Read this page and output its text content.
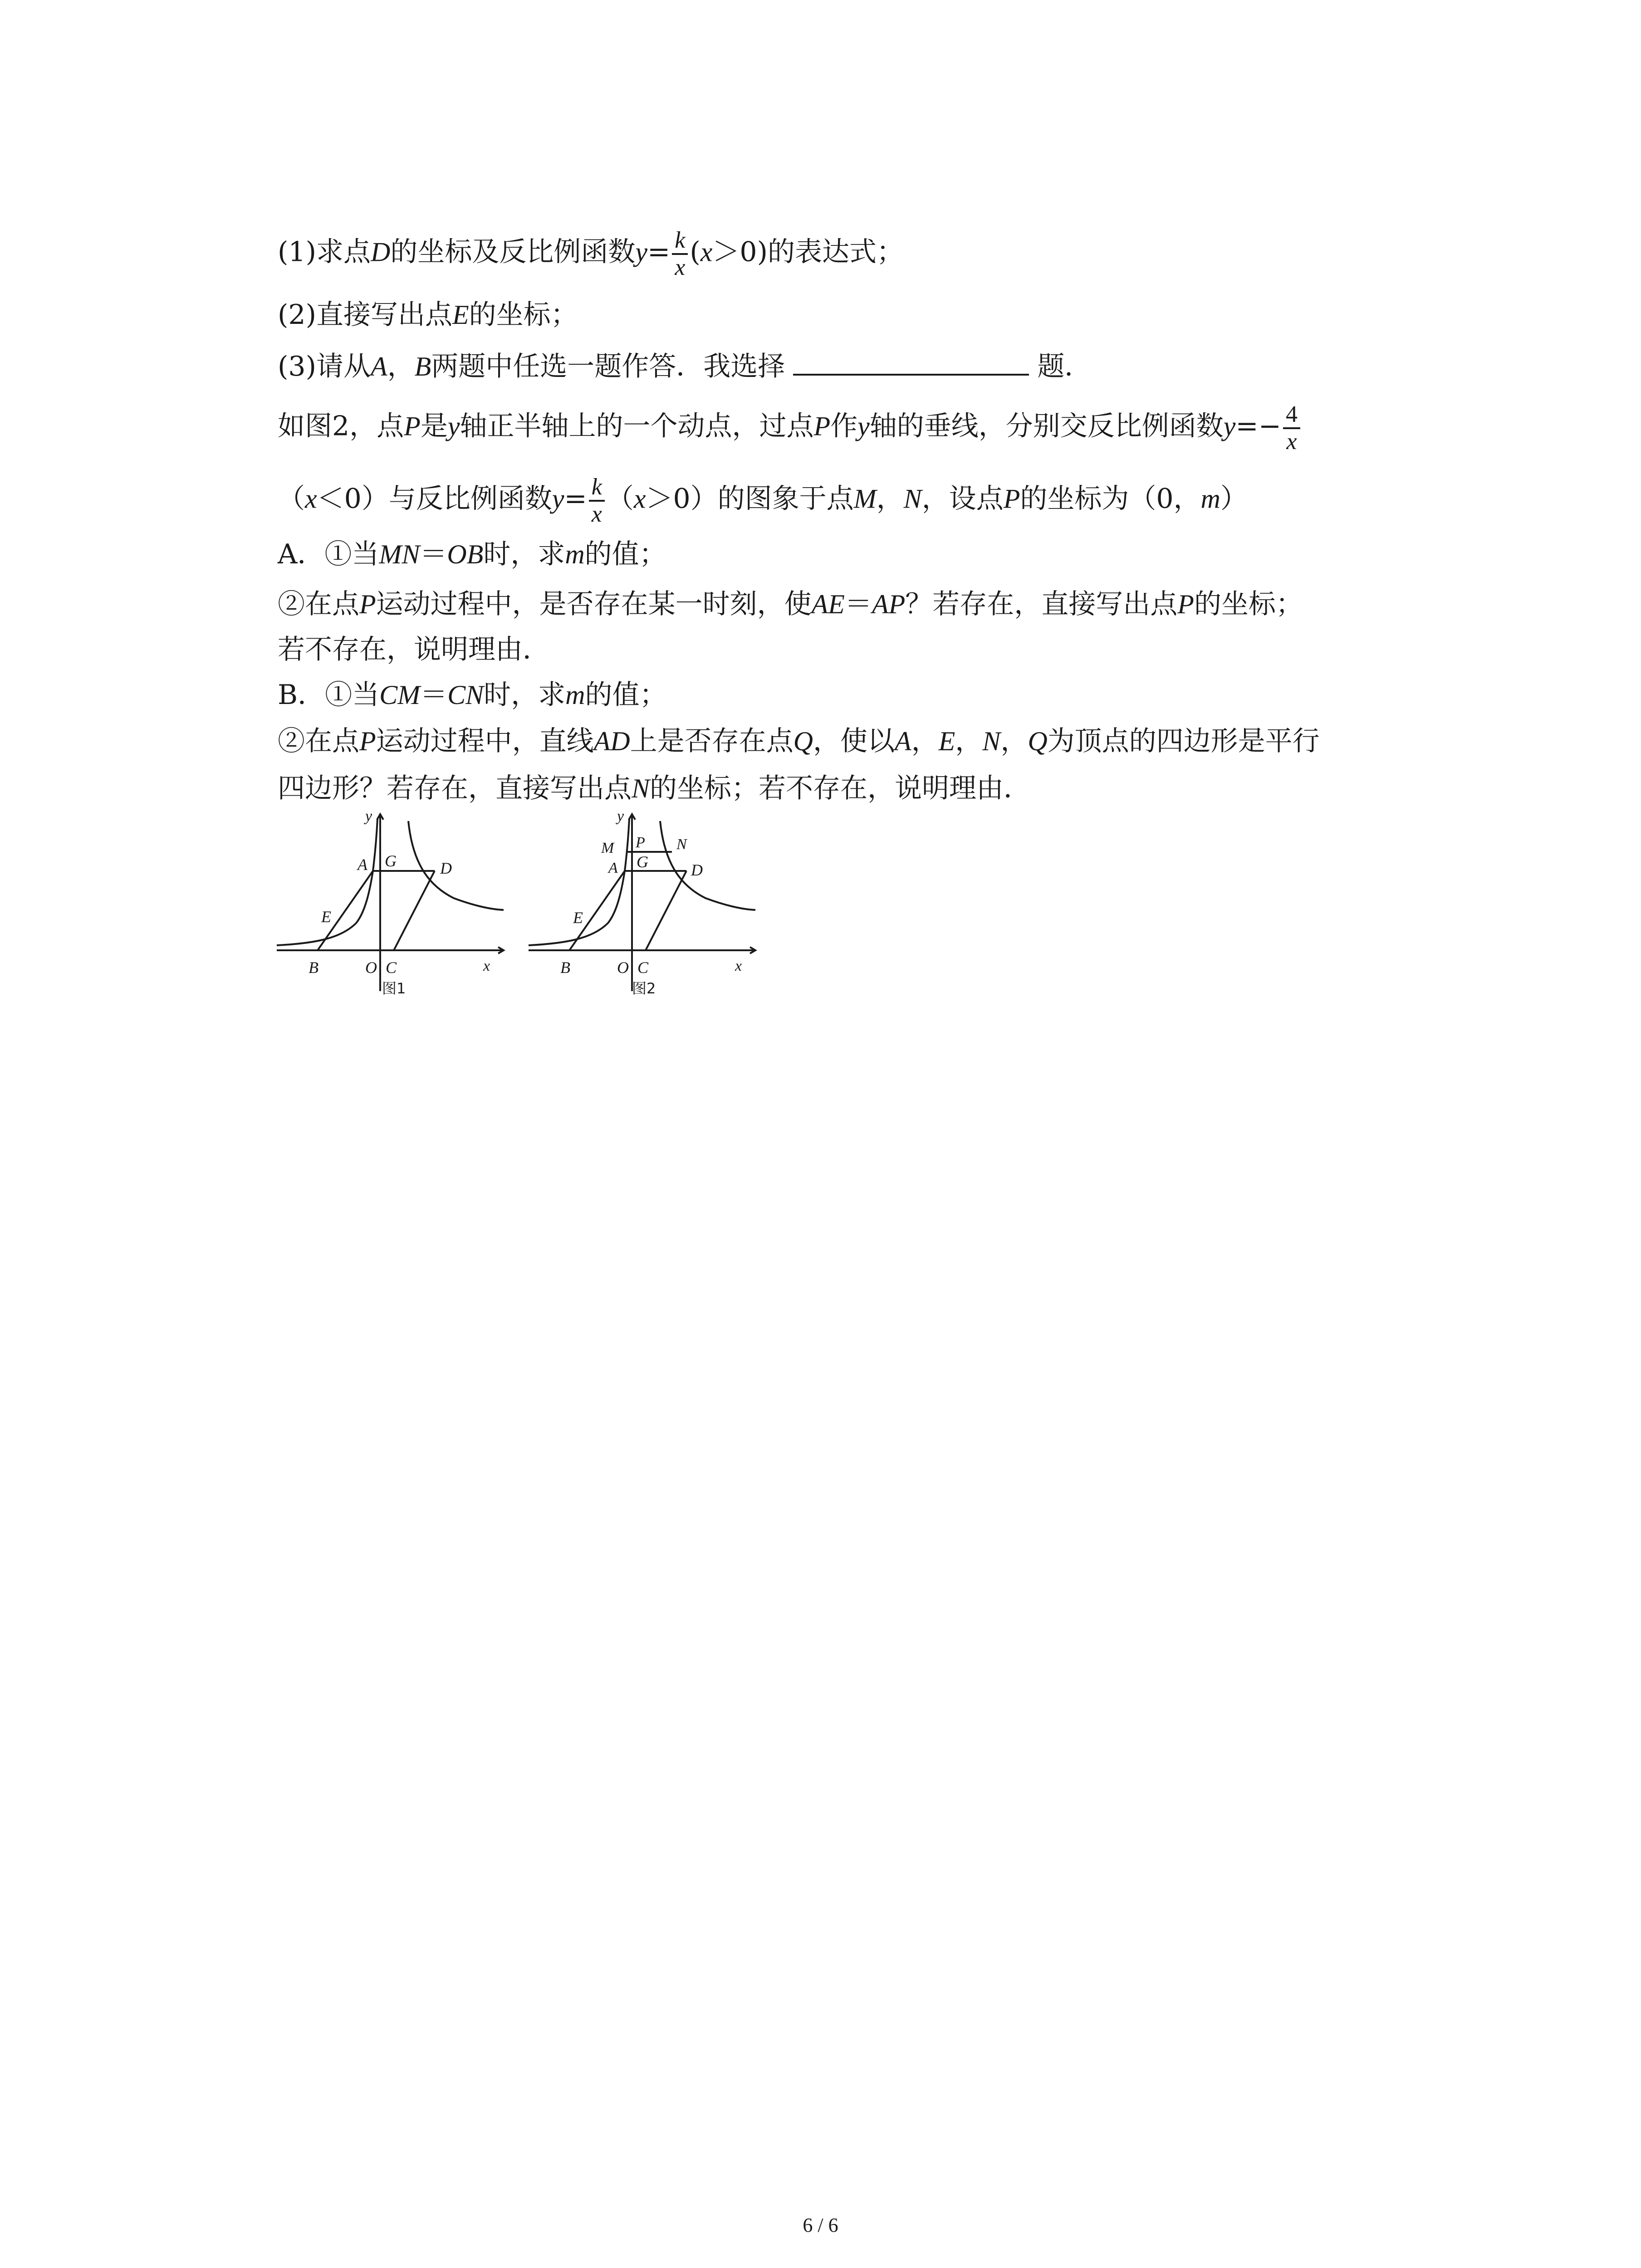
(1)求点D的坐标及反比例函数$y= \frac{k}{x} (x>0)$的表达式；
(2)直接写出点E的坐标；
(3)请从A，B两题中任选一题作答．我选择	题．
如图2，点P是y轴正半轴上的一个动点，过点P作y轴的垂线，分别交反比例函数$y=- \frac{4}{x}$
（x＜0）与反比例函数$y= \frac{k}{x} (x>0)$的图象于点M，N，设点P的坐标为（0，m）
A．①当MN＝OB时，求m的值；
②在点P运动过程中，是否存在某一时刻，使AE＝AP？若存在，直接写出点P的坐标；
若不存在，说明理由．
B．①当CM＝CN时，求m的值；
②在点P运动过程中，直线AD上是否存在点Q，使以A，E，N，Q为顶点的四边形是平行
四边形？若存在，直接写出点N的坐标；若不存在，说明理由．
y
x
A G	D
E
B	O C
图1
y
x
M P N
A G	D
E
B	O C
图2
6 / 6
